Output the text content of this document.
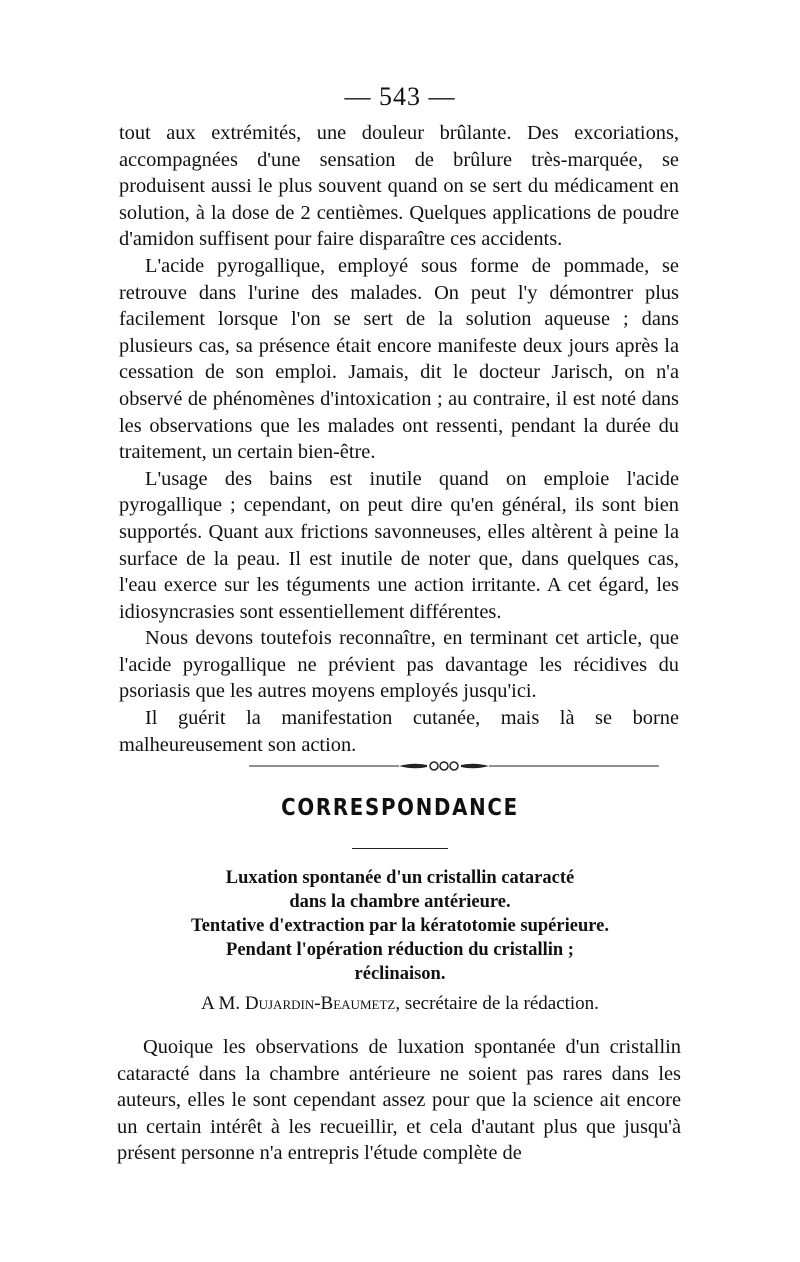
— 543 —

tout aux extrémités, une douleur brûlante. Des excoriations, accompagnées d'une sensation de brûlure très-marquée, se produisent aussi le plus souvent quand on se sert du médicament en solution, à la dose de 2 centièmes. Quelques applications de poudre d'amidon suffisent pour faire disparaître ces accidents.

L'acide pyrogallique, employé sous forme de pommade, se retrouve dans l'urine des malades. On peut l'y démontrer plus facilement lorsque l'on se sert de la solution aqueuse ; dans plusieurs cas, sa présence était encore manifeste deux jours après la cessation de son emploi. Jamais, dit le docteur Jarisch, on n'a observé de phénomènes d'intoxication ; au contraire, il est noté dans les observations que les malades ont ressenti, pendant la durée du traitement, un certain bien-être.

L'usage des bains est inutile quand on emploie l'acide pyrogallique ; cependant, on peut dire qu'en général, ils sont bien supportés. Quant aux frictions savonneuses, elles altèrent à peine la surface de la peau. Il est inutile de noter que, dans quelques cas, l'eau exerce sur les téguments une action irritante. A cet égard, les idiosyncrasies sont essentiellement différentes.

Nous devons toutefois reconnaître, en terminant cet article, que l'acide pyrogallique ne prévient pas davantage les récidives du psoriasis que les autres moyens employés jusqu'ici.

Il guérit la manifestation cutanée, mais là se borne malheureusement son action.

CORRESPONDANCE
Luxation spontanée d'un cristallin cataracté
dans la chambre antérieure.
Tentative d'extraction par la kératotomie supérieure.
Pendant l'opération réduction du cristallin ;
réclinaison.
A M. Dujardin-Beaumetz, secrétaire de la rédaction.

Quoique les observations de luxation spontanée d'un cristallin cataracté dans la chambre antérieure ne soient pas rares dans les auteurs, elles le sont cependant assez pour que la science ait encore un certain intérêt à les recueillir, et cela d'autant plus que jusqu'à présent personne n'a entrepris l'étude complète de
